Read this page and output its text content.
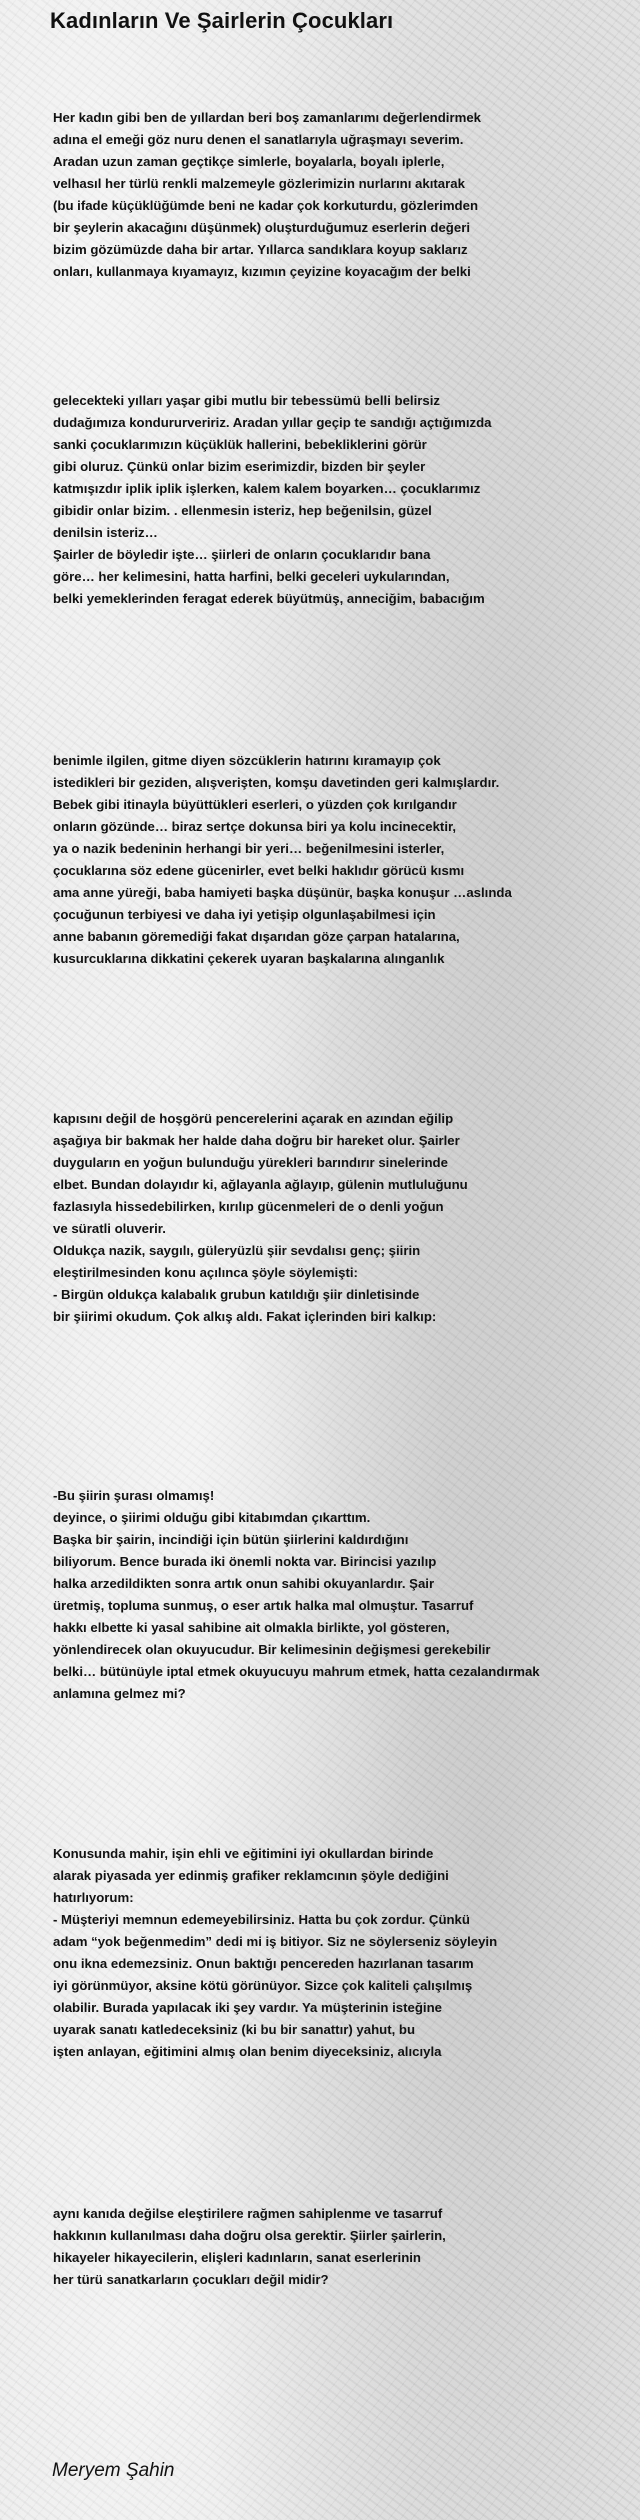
Kadınların Ve Şairlerin Çocukları
Her kadın gibi ben de yıllardan beri boş zamanlarımı değerlendirmek
adına el emeği göz nuru denen el sanatlarıyla uğraşmayı severim.
Aradan uzun zaman geçtikçe simlerle, boyalarla, boyalı iplerle,
velhasıl her türlü renkli malzemeyle gözlerimizin nurlarını akıtarak
(bu ifade küçüklüğümde beni ne kadar çok korkuturdu, gözlerimden
bir şeylerin akacağını düşünmek) oluşturduğumuz eserlerin değeri
bizim gözümüzde daha bir artar. Yıllarca sandıklara koyup saklarız
onları, kullanmaya kıyamayız, kızımın çeyizine koyacağım der belki
gelecekteki yılları yaşar gibi mutlu bir tebessümü belli belirsiz
dudağımıza kondururveririz. Aradan yıllar geçip te sandığı açtığımızda
sanki çocuklarımızın küçüklük hallerini, bebekliklerini görür
gibi oluruz. Çünkü onlar bizim eserimizdir, bizden bir şeyler
katmışızdır iplik iplik işlerken, kalem kalem boyarken… çocuklarımız
gibidir onlar bizim. . ellenmesin isteriz, hep beğenilsin, güzel
denilsin isteriz…
Şairler de böyledir işte… şiirleri de onların çocuklarıdır bana
göre… her kelimesini, hatta harfini, belki geceleri uykularından,
belki yemeklerinden feragat ederek büyütmüş, anneciğim, babacığım
benimle ilgilen, gitme diyen sözcüklerin hatırını kıramayıp çok
istedikleri bir geziden, alışverişten, komşu davetinden geri kalmışlardır.
Bebek gibi itinayla büyüttükleri eserleri, o yüzden çok kırılgandır
onların gözünde… biraz sertçe dokunsa biri ya kolu incinecektir,
ya o nazik bedeninin herhangi bir yeri… beğenilmesini isterler,
çocuklarına söz edene gücenirler, evet belki haklıdır görücü kısmı
ama anne yüreği, baba hamiyeti başka düşünür, başka konuşur …aslında
çocuğunun terbiyesi ve daha iyi yetişip olgunlaşabilmesi için
anne babanın göremediği fakat dışarıdan göze çarpan hatalarına,
kusurcuklarına dikkatini çekerek uyaran başkalarına alınganlık
kapısını değil de hoşgörü pencerelerini açarak en azından eğilip
aşağıya bir bakmak her halde daha doğru bir hareket olur. Şairler
duyguların en yoğun bulunduğu yürekleri barındırır sinelerinde
elbet. Bundan dolayıdır ki, ağlayanla ağlayıp, gülenin mutluluğunu
fazlasıyla hissedebilirken, kırılıp gücenmeleri de o denli yoğun
ve süratli oluverir.
Oldukça nazik, saygılı, güleryüzlü şiir sevdalısı genç; şiirin
eleştirilmesinden konu açılınca şöyle söylemişti:
- Birgün oldukça kalabalık grubun katıldığı şiir dinletisinde
bir şiirimi okudum. Çok alkış aldı. Fakat içlerinden biri kalkıp:
-Bu şiirin şurası olmamış!
deyince, o şiirimi olduğu gibi kitabımdan çıkarttım.
Başka bir şairin, incindiği için bütün şiirlerini kaldırdığını
biliyorum. Bence burada iki önemli nokta var. Birincisi yazılıp
halka arzedildikten sonra artık onun sahibi okuyanlardır. Şair
üretmiş, topluma sunmuş, o eser artık halka mal olmuştur. Tasarruf
hakkı elbette ki yasal sahibine ait olmakla birlikte, yol gösteren,
yönlendirecek olan okuyucudur. Bir kelimesinin değişmesi gerekebilir
belki… bütünüyle iptal etmek okuyucuyu mahrum etmek, hatta cezalandırmak
anlamına gelmez mi?
Konusunda mahir, işin ehli ve eğitimini iyi okullardan birinde
alarak piyasada yer edinmiş grafiker reklamcının şöyle dediğini
hatırlıyorum:
- Müşteriyi memnun edemeyebilirsiniz. Hatta bu çok zordur. Çünkü
adam “yok beğenmedim” dedi mi iş bitiyor. Siz ne söylerseniz söyleyin
onu ikna edemezsiniz. Onun baktığı pencereden hazırlanan tasarım
iyi görünmüyor, aksine kötü görünüyor. Sizce çok kaliteli çalışılmış
olabilir. Burada yapılacak iki şey vardır. Ya müşterinin isteğine
uyarak sanatı katledeceksiniz (ki bu bir sanattır) yahut, bu
işten anlayan, eğitimini almış olan benim diyeceksiniz, alıcıyla
aynı kanıda değilse eleştirilere rağmen sahiplenme ve tasarruf
hakkının kullanılması daha doğru olsa gerektir. Şiirler şairlerin,
hikayeler hikayecilerin, elişleri kadınların, sanat eserlerinin
her türü sanatkarların çocukları değil midir?
Meryem Şahin
